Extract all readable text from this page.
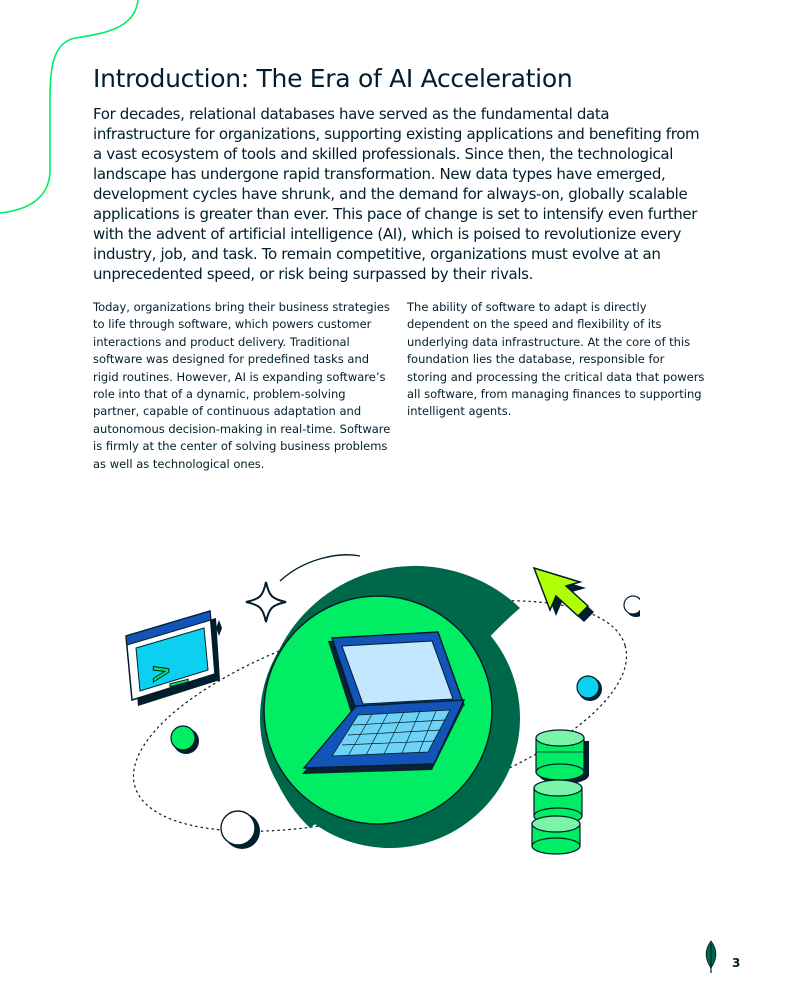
Introduction: The Era of AI Acceleration

For decades, relational databases have served as the fundamental data infrastructure for organizations, supporting existing applications and benefiting from a vast ecosystem of tools and skilled professionals. Since then, the technological landscape has undergone rapid transformation. New data types have emerged, development cycles have shrunk, and the demand for always-on, globally scalable applications is greater than ever. This pace of change is set to intensify even further with the advent of artificial intelligence (AI), which is poised to revolutionize every industry, job, and task. To remain competitive, organizations must evolve at an unprecedented speed, or risk being surpassed by their rivals.

Today, organizations bring their business strategies to life through software, which powers customer interactions and product delivery. Traditional software was designed for predefined tasks and rigid routines. However, AI is expanding software’s role into that of a dynamic, problem-solving partner, capable of continuous adaptation and autonomous decision-making in real-time. Software is firmly at the center of solving business problems as well as technological ones.

The ability of software to adapt is directly dependent on the speed and flexibility of its underlying data infrastructure. At the core of this foundation lies the database, responsible for storing and processing the critical data that powers all software, from managing finances to supporting intelligent agents.

>_
3
